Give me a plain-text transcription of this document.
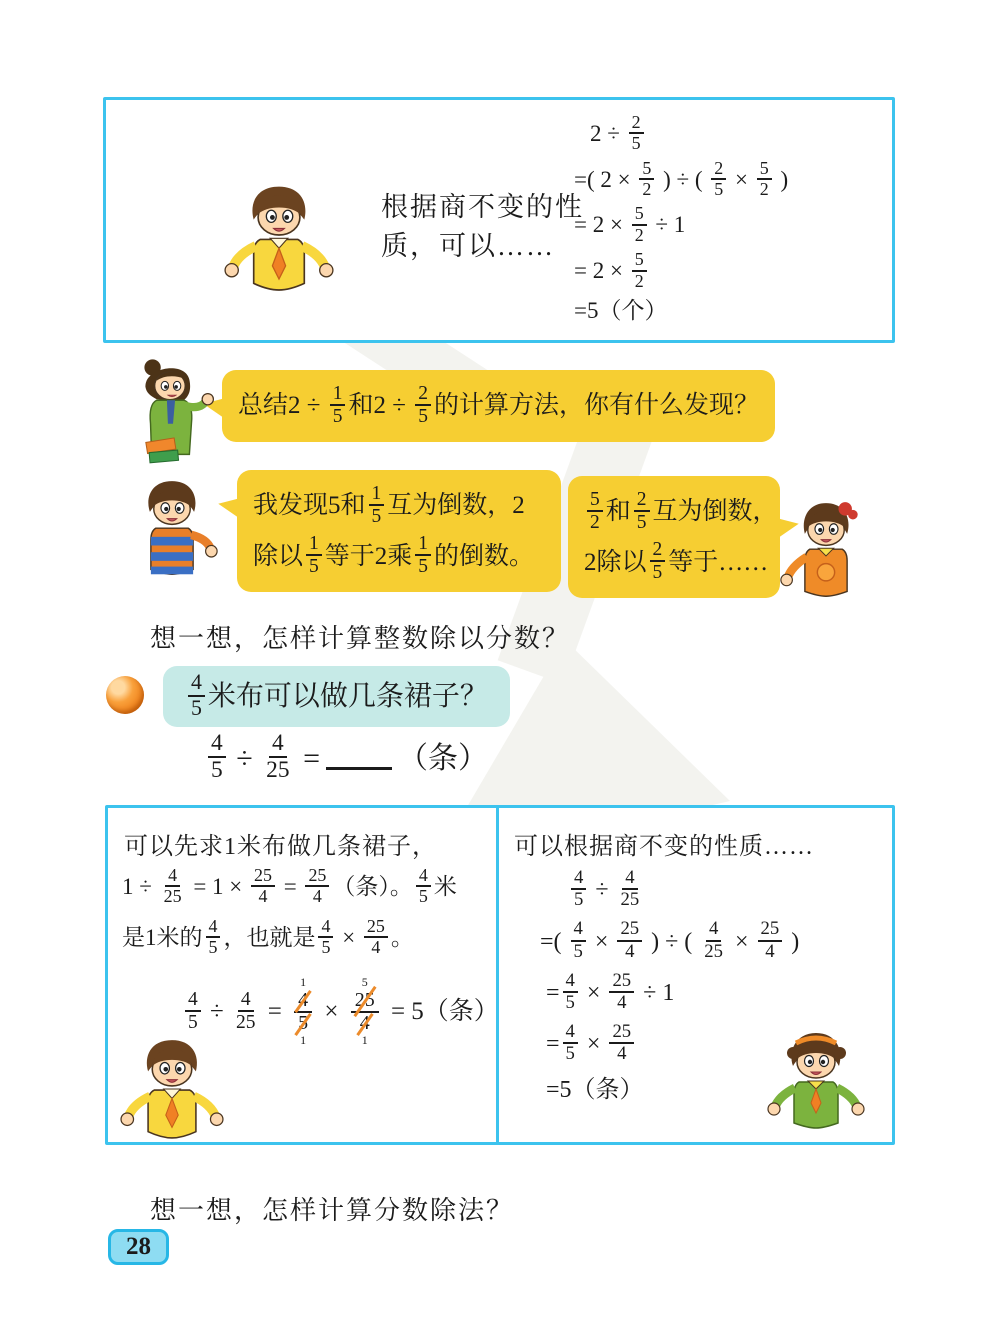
根据商不变的性
质，可以……
$2 \div \frac{2}{5}$
=( $2 \times \frac{5}{2}$ ) ÷ ( $\frac{2}{5} \times \frac{5}{2}$ )
= $2 \times \frac{5}{2} \div 1$
= $2 \times \frac{5}{2}$
=5（个）
总结$2 \div \frac{1}{5}$ 和$2 \div \frac{2}{5}$ 的计算方法，你有什么发现？
我发现5和 $\frac{1}{5}$ 互为倒数，2
除以 $\frac{1}{5}$ 等于2乘 $\frac{1}{5}$ 的倒数。
$\frac{5}{2}$ 和 $\frac{2}{5}$ 互为倒数，
2除以 $\frac{2}{5}$ 等于……

想一想，怎样计算整数除以分数？

$\frac{4}{5}$ 米布可以做几条裙子？
$\frac{4}{5} \div \frac{4}{25}$ =	（条）

可以先求1米布做几条裙子，

$1 \div \frac{4}{25} = 1 \times \frac{25}{4} = \frac{25}{4}$ （条）。 $\frac{4}{5}$ 米
是1米的 $\frac{4}{5}$ ，也就是 $\frac{4}{5} \times \frac{25}{4}$ 。
$\frac{4}{5} \div \frac{4}{25}$ =
1
4
5
1
×
5
25
4
1
= 5（条）

可以根据商不变的性质……

$\frac{4}{5} \div \frac{4}{25}$
=( $\frac{4}{5} \times \frac{25}{4}$ ) ÷ ( $\frac{4}{25} \times \frac{25}{4}$ )
= $\frac{4}{5} \times \frac{25}{4} \div 1$
= $\frac{4}{5} \times \frac{25}{4}$
=5（条）

想一想，怎样计算分数除法？

28
